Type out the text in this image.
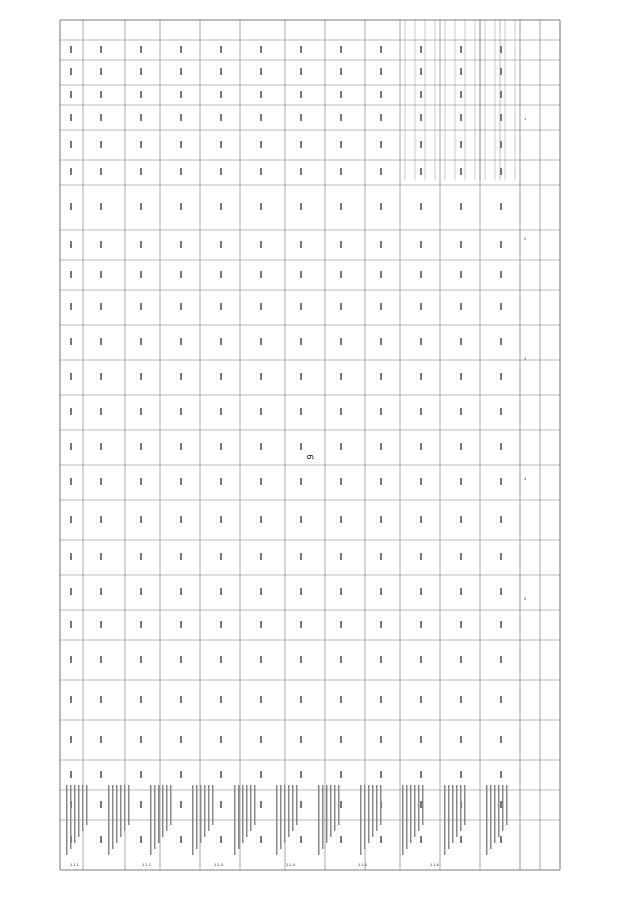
9
1.1.1	1.1.2	1.1.3	1.1.4	1.1.5	1.1.6
1
2
3
4
5
